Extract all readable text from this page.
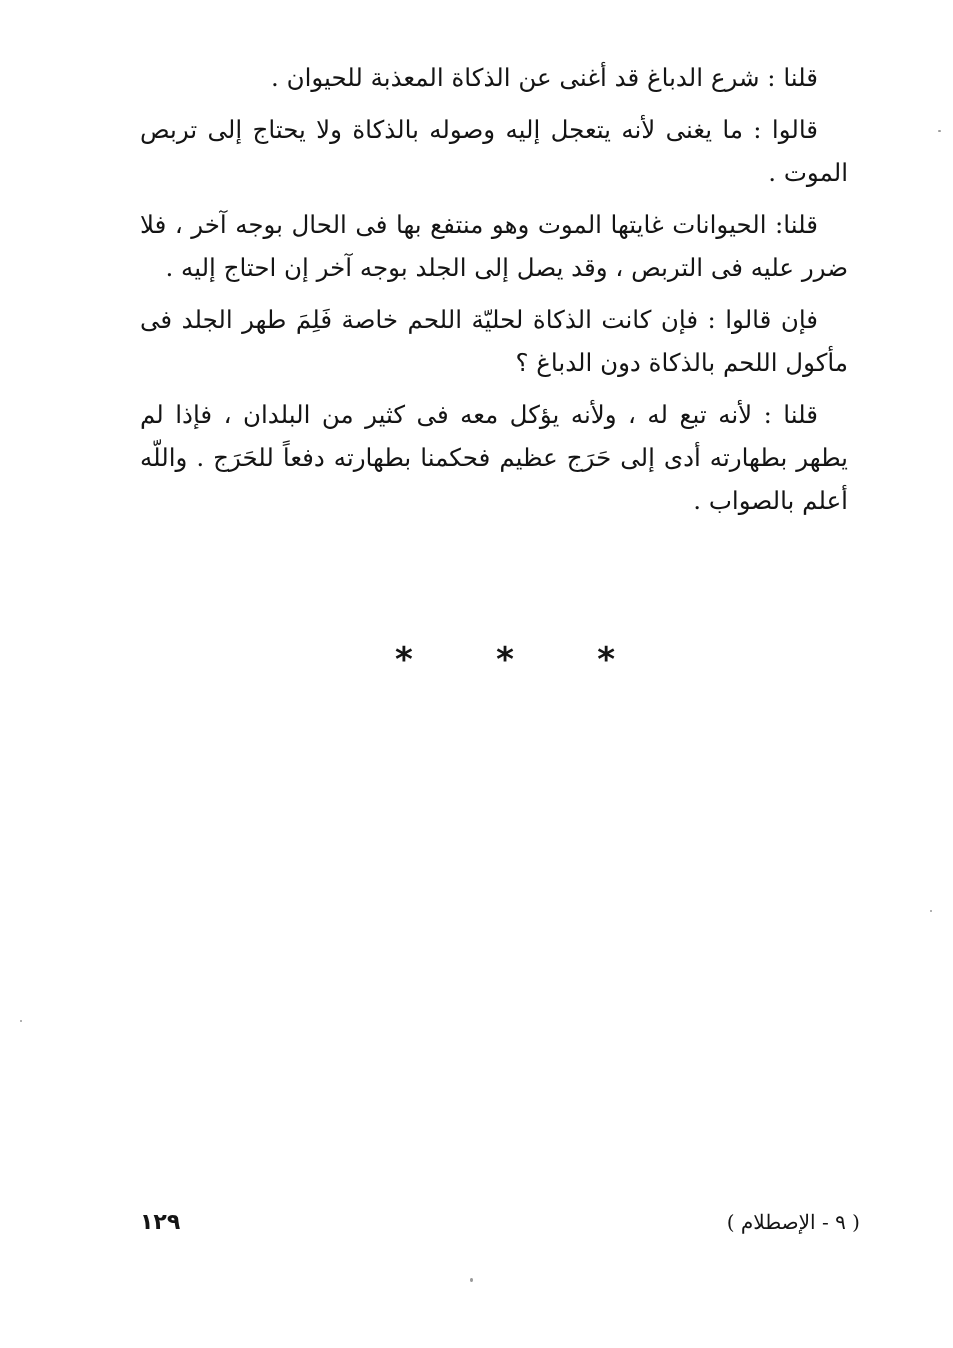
قلنا : شرع الدباغ قد أغنى عن الذكاة المعذبة للحيوان .

قالوا : ما يغنى لأنه يتعجل إليه وصوله بالذكاة ولا يحتاج إلى تربص الموت .

قلنا: الحيوانات غايتها الموت وهو منتفع بها فى الحال بوجه آخر ، فلا ضرر عليه فى التربص ، وقد يصل إلى الجلد بوجه آخر إن احتاج إليه .

فإن قالوا : فإن كانت الذكاة لحليّة اللحم خاصة فَلِمَ طهر الجلد فى مأكول اللحم بالذكاة دون الدباغ ؟

قلنا : لأنه تبع له ، ولأنه يؤكل معه فى كثير من البلدان ، فإذا لم يطهر بطهارته أدى إلى حَرَج عظيم فحكمنا بطهارته دفعاً للحَرَج . واللّه أعلم بالصواب .

* * *
١٢٩	( ٩ - الإصطلام )
